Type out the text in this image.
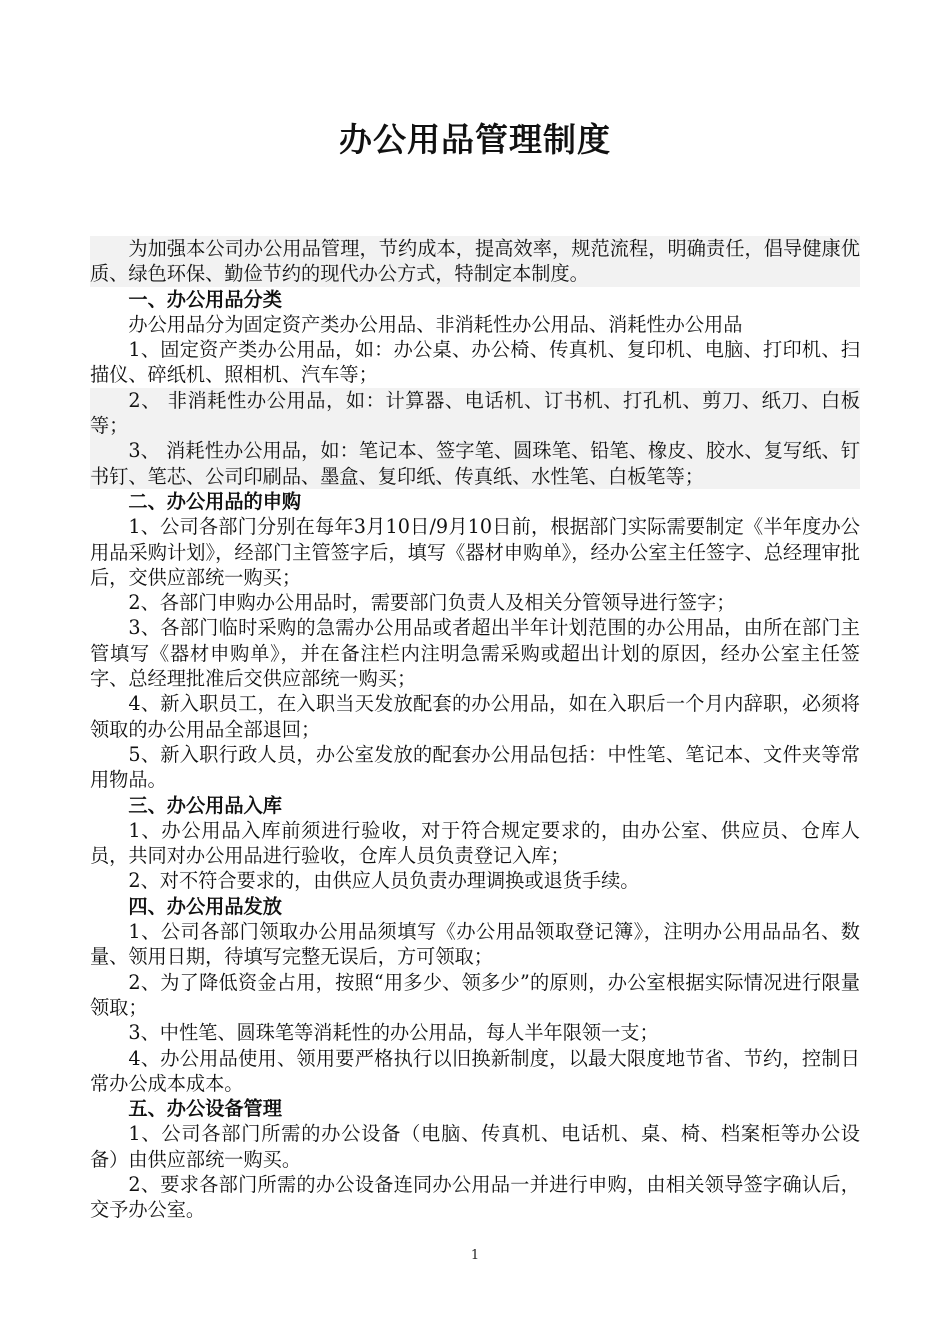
办公用品管理制度

为加强本公司办公用品管理，节约成本，提高效率，规范流程，明确责任，倡导健康优质、绿色环保、勤俭节约的现代办公方式，特制定本制度。

一、办公用品分类

办公用品分为固定资产类办公用品、非消耗性办公用品、消耗性办公用品

1、固定资产类办公用品，如：办公桌、办公椅、传真机、复印机、电脑、打印机、扫描仪、碎纸机、照相机、汽车等；

2、 非消耗性办公用品，如：计算器、电话机、订书机、打孔机、剪刀、纸刀、白板等；

3、 消耗性办公用品，如：笔记本、签字笔、圆珠笔、铅笔、橡皮、胶水、复写纸、钉书钉、笔芯、公司印刷品、墨盒、复印纸、传真纸、水性笔、白板笔等；

二、办公用品的申购

1、公司各部门分别在每年3月10日/9月10日前，根据部门实际需要制定《半年度办公用品采购计划》，经部门主管签字后，填写《器材申购单》，经办公室主任签字、总经理审批后，交供应部统一购买；

2、各部门申购办公用品时，需要部门负责人及相关分管领导进行签字；

3、各部门临时采购的急需办公用品或者超出半年计划范围的办公用品，由所在部门主管填写《器材申购单》，并在备注栏内注明急需采购或超出计划的原因，经办公室主任签字、总经理批准后交供应部统一购买；

4、新入职员工，在入职当天发放配套的办公用品，如在入职后一个月内辞职，必须将领取的办公用品全部退回；

5、新入职行政人员，办公室发放的配套办公用品包括：中性笔、笔记本、文件夹等常用物品。

三、办公用品入库

1、办公用品入库前须进行验收，对于符合规定要求的，由办公室、供应员、仓库人员，共同对办公用品进行验收，仓库人员负责登记入库；

2、对不符合要求的，由供应人员负责办理调换或退货手续。

四、办公用品发放

1、公司各部门领取办公用品须填写《办公用品领取登记簿》，注明办公用品品名、数量、领用日期，待填写完整无误后，方可领取；

2、为了降低资金占用，按照“用多少、领多少”的原则，办公室根据实际情况进行限量领取；

3、中性笔、圆珠笔等消耗性的办公用品，每人半年限领一支；

4、办公用品使用、领用要严格执行以旧换新制度，以最大限度地节省、节约，控制日常办公成本成本。

五、办公设备管理

1、公司各部门所需的办公设备（电脑、传真机、电话机、桌、椅、档案柜等办公设备）由供应部统一购买。

2、要求各部门所需的办公设备连同办公用品一并进行申购，由相关领导签字确认后，交予办公室。

1
